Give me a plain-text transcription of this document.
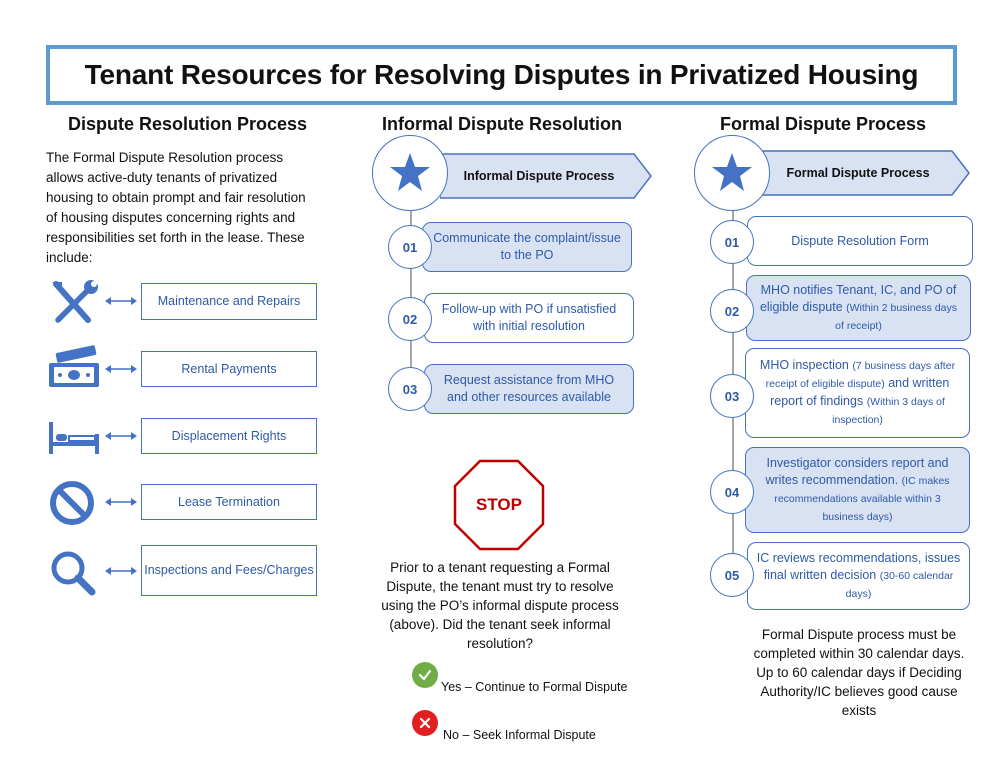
Tenant Resources for Resolving Disputes in Privatized Housing
Dispute Resolution Process	Informal Dispute Resolution	Formal Dispute Process
The Formal Dispute Resolution process allows active-duty tenants of privatized housing to obtain prompt and fair resolution of housing disputes concerning rights and responsibilities set forth in the lease. These include:
Maintenance and Repairs
Rental Payments
Displacement Rights
Lease Termination
Inspections and Fees/Charges
Informal Dispute Process
01
Communicate the complaint/issue to the PO
02
Follow-up with PO if unsatisfied with initial resolution
03
Request assistance from MHO and other resources available
STOP
Prior to a tenant requesting a Formal Dispute, the tenant must try to resolve using the PO’s informal dispute process (above). Did the tenant seek informal resolution?
Yes – Continue to Formal Dispute
No – Seek Informal Dispute
Formal Dispute Process
01	Dispute Resolution Form
02
MHO notifies Tenant, IC, and PO of eligible dispute (Within 2 business days of receipt)
03
MHO inspection (7 business days after receipt of eligible dispute) and written report of findings (Within 3 days of inspection)
04
Investigator considers report and writes recommendation. (IC makes recommendations available within 3 business days)
05
IC reviews recommendations, issues final written decision (30-60 calendar days)
Formal Dispute process must be completed within 30 calendar days. Up to 60 calendar days if Deciding Authority/IC believes good cause exists
